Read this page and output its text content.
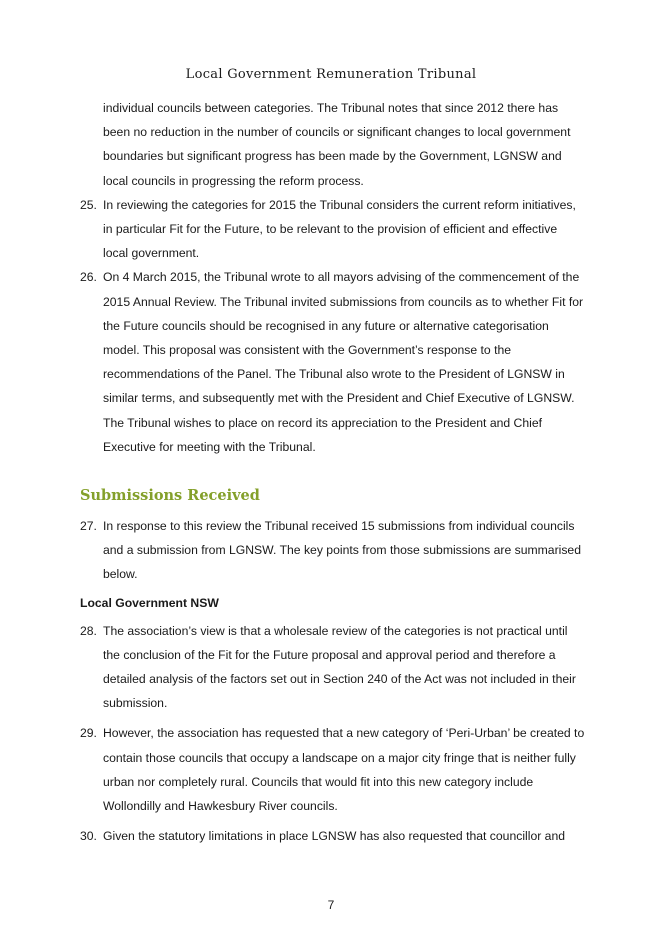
Local Government Remuneration Tribunal
individual councils between categories. The Tribunal notes that since 2012 there has been no reduction in the number of councils or significant changes to local government boundaries but significant progress has been made by the Government, LGNSW and local councils in progressing the reform process.
25. In reviewing the categories for 2015 the Tribunal considers the current reform initiatives, in particular Fit for the Future, to be relevant to the provision of efficient and effective local government.
26. On 4 March 2015, the Tribunal wrote to all mayors advising of the commencement of the 2015 Annual Review. The Tribunal invited submissions from councils as to whether Fit for the Future councils should be recognised in any future or alternative categorisation model. This proposal was consistent with the Government’s response to the recommendations of the Panel. The Tribunal also wrote to the President of LGNSW in similar terms, and subsequently met with the President and Chief Executive of LGNSW. The Tribunal wishes to place on record its appreciation to the President and Chief Executive for meeting with the Tribunal.
Submissions Received
27. In response to this review the Tribunal received 15 submissions from individual councils and a submission from LGNSW. The key points from those submissions are summarised below.
Local Government NSW
28. The association’s view is that a wholesale review of the categories is not practical until the conclusion of the Fit for the Future proposal and approval period and therefore a detailed analysis of the factors set out in Section 240 of the Act was not included in their submission.
29. However, the association has requested that a new category of ‘Peri-Urban’ be created to contain those councils that occupy a landscape on a major city fringe that is neither fully urban nor completely rural. Councils that would fit into this new category include Wollondilly and Hawkesbury River councils.
30. Given the statutory limitations in place LGNSW has also requested that councillor and
7
